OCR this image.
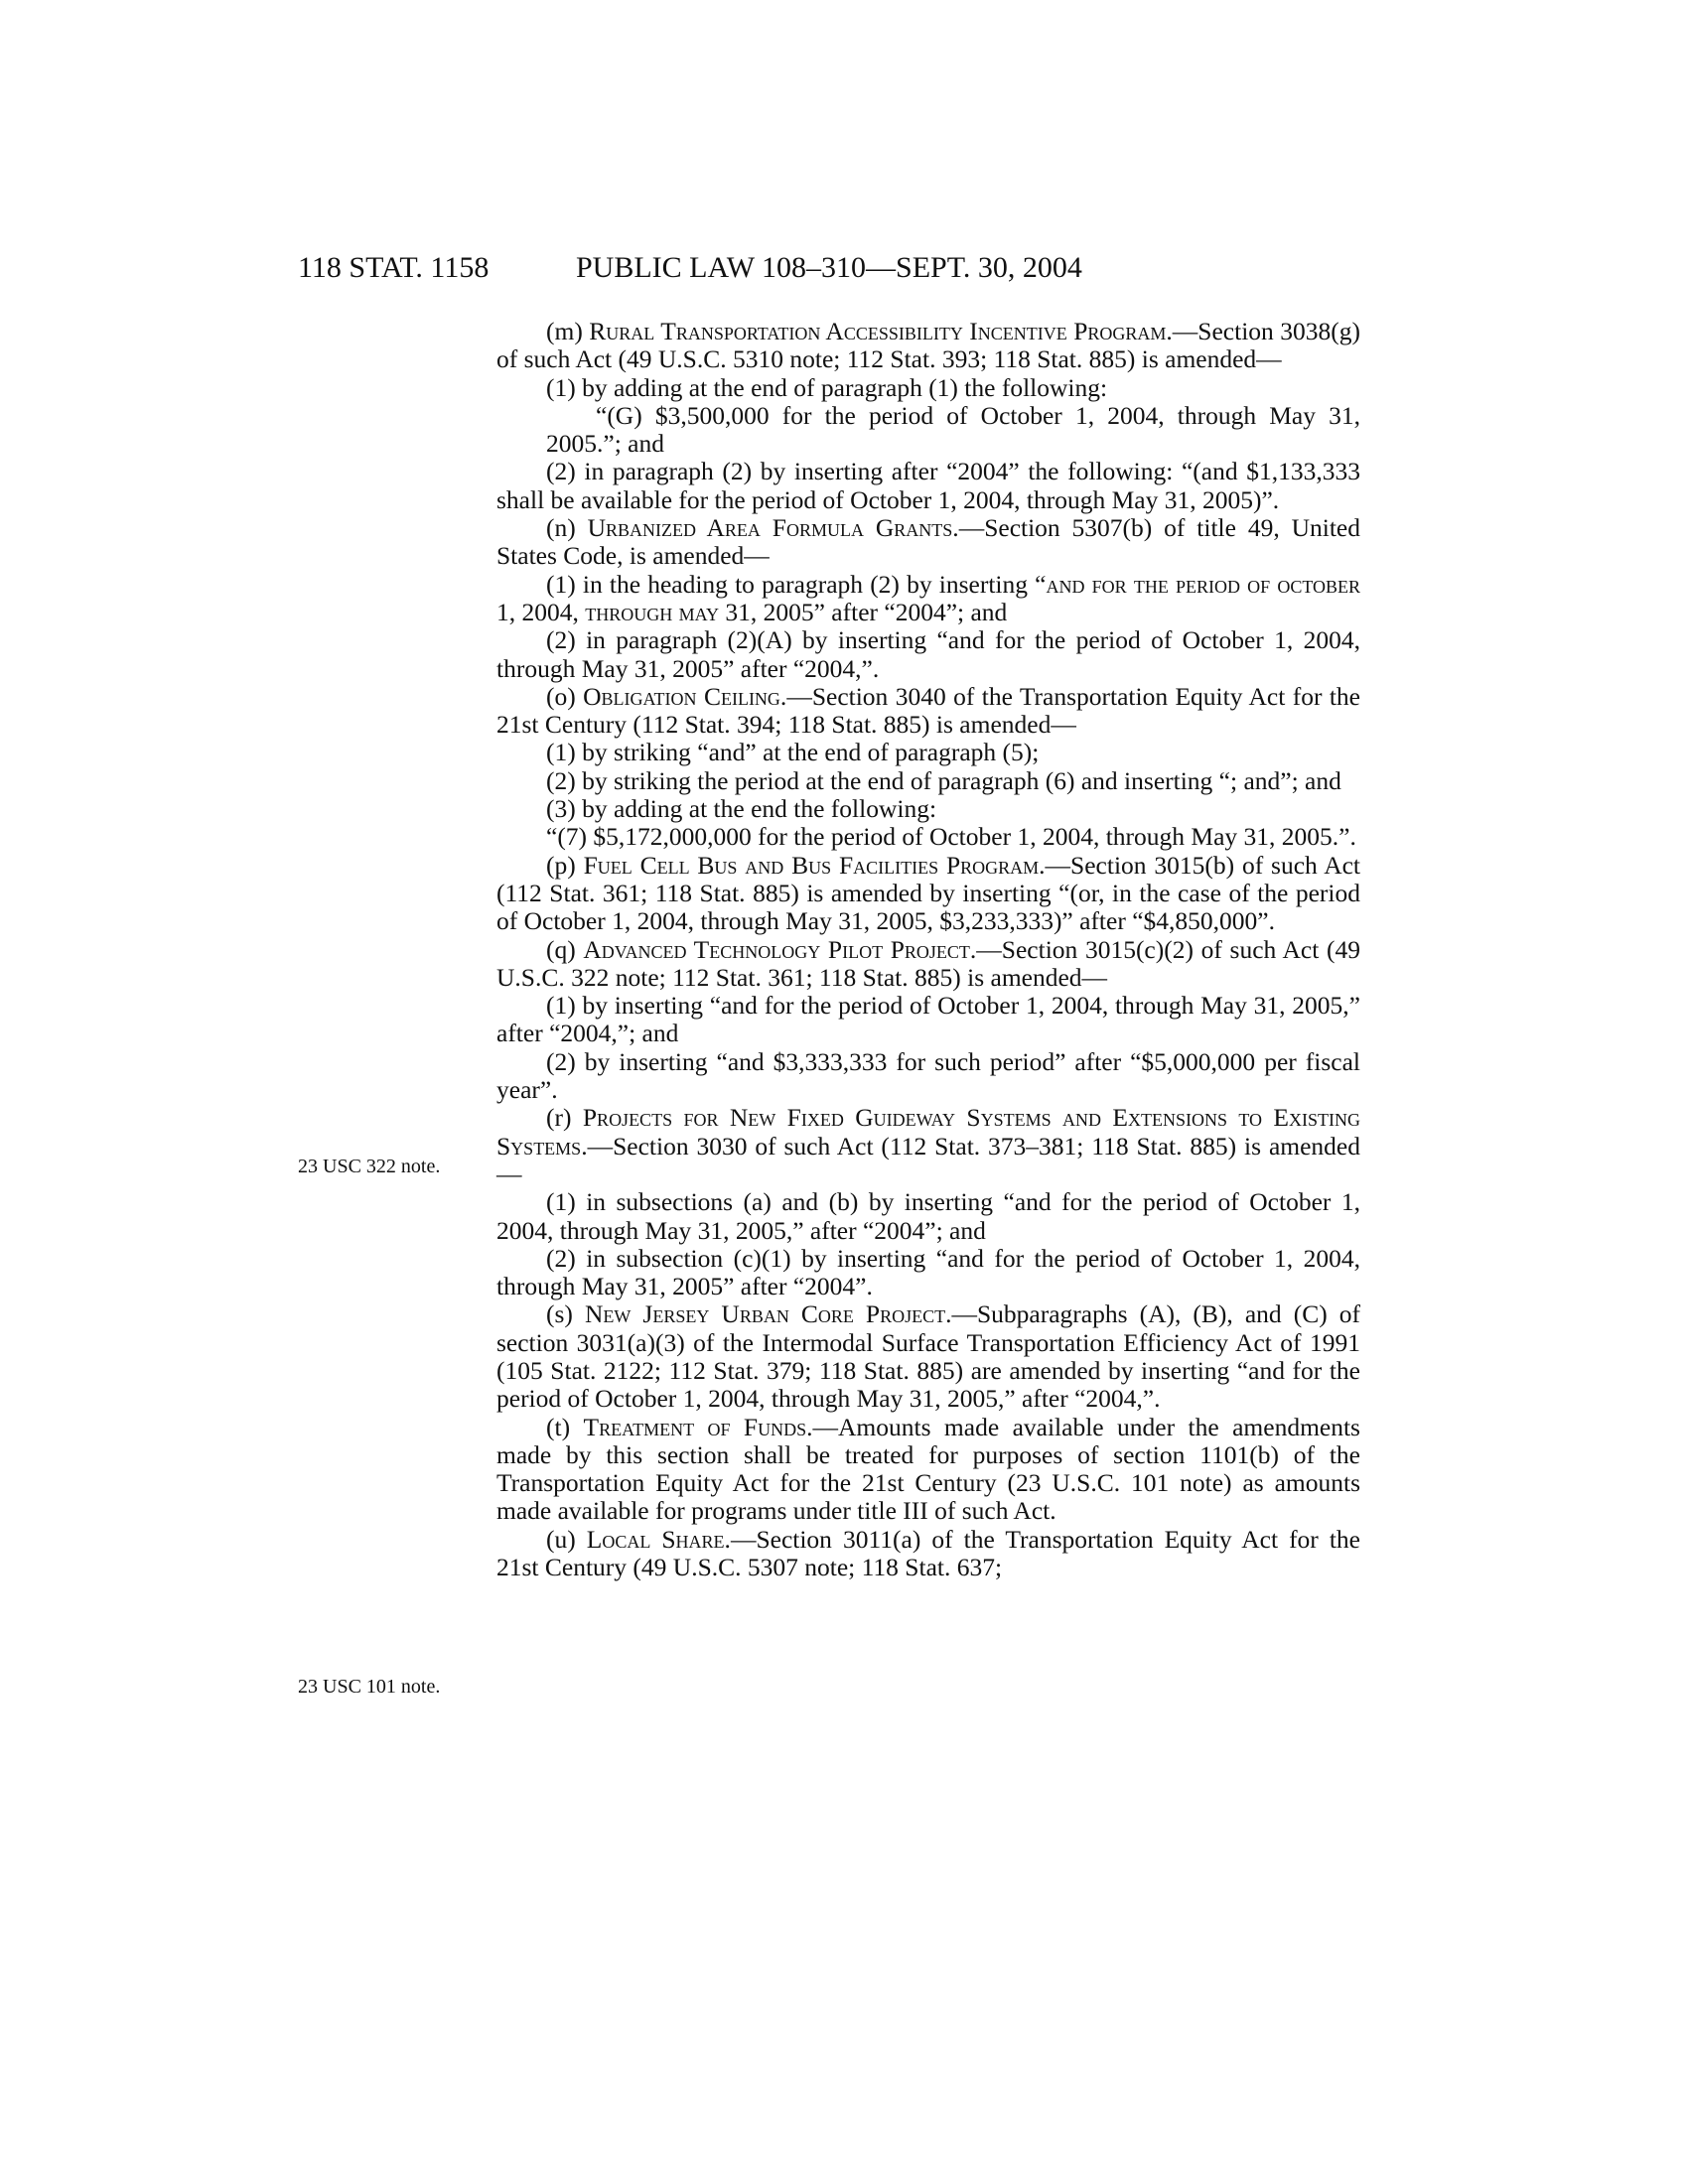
118 STAT. 1158	PUBLIC LAW 108–310—SEPT. 30, 2004
23 USC 322 note.
23 USC 101 note.

(m) Rural Transportation Accessibility Incentive Program.—Section 3038(g) of such Act (49 U.S.C. 5310 note; 112 Stat. 393; 118 Stat. 885) is amended—

(1) by adding at the end of paragraph (1) the following:

“(G) $3,500,000 for the period of October 1, 2004, through May 31, 2005.”; and

(2) in paragraph (2) by inserting after “2004” the following: “(and $1,133,333 shall be available for the period of October 1, 2004, through May 31, 2005)”.

(n) Urbanized Area Formula Grants.—Section 5307(b) of title 49, United States Code, is amended—

(1) in the heading to paragraph (2) by inserting “and for the period of october 1, 2004, through may 31, 2005” after “2004”; and

(2) in paragraph (2)(A) by inserting “and for the period of October 1, 2004, through May 31, 2005” after “2004,”.

(o) Obligation Ceiling.—Section 3040 of the Transportation Equity Act for the 21st Century (112 Stat. 394; 118 Stat. 885) is amended—

(1) by striking “and” at the end of paragraph (5);

(2) by striking the period at the end of paragraph (6) and inserting “; and”; and

(3) by adding at the end the following:

“(7) $5,172,000,000 for the period of October 1, 2004, through May 31, 2005.”.

(p) Fuel Cell Bus and Bus Facilities Program.—Section 3015(b) of such Act (112 Stat. 361; 118 Stat. 885) is amended by inserting “(or, in the case of the period of October 1, 2004, through May 31, 2005, $3,233,333)” after “$4,850,000”.

(q) Advanced Technology Pilot Project.—Section 3015(c)(2) of such Act (49 U.S.C. 322 note; 112 Stat. 361; 118 Stat. 885) is amended—

(1) by inserting “and for the period of October 1, 2004, through May 31, 2005,” after “2004,”; and

(2) by inserting “and $3,333,333 for such period” after “$5,000,000 per fiscal year”.

(r) Projects for New Fixed Guideway Systems and Extensions to Existing Systems.—Section 3030 of such Act (112 Stat. 373–381; 118 Stat. 885) is amended—

(1) in subsections (a) and (b) by inserting “and for the period of October 1, 2004, through May 31, 2005,” after “2004”; and

(2) in subsection (c)(1) by inserting “and for the period of October 1, 2004, through May 31, 2005” after “2004”.

(s) New Jersey Urban Core Project.—Subparagraphs (A), (B), and (C) of section 3031(a)(3) of the Intermodal Surface Transportation Efficiency Act of 1991 (105 Stat. 2122; 112 Stat. 379; 118 Stat. 885) are amended by inserting “and for the period of October 1, 2004, through May 31, 2005,” after “2004,”.

(t) Treatment of Funds.—Amounts made available under the amendments made by this section shall be treated for purposes of section 1101(b) of the Transportation Equity Act for the 21st Century (23 U.S.C. 101 note) as amounts made available for programs under title III of such Act.

(u) Local Share.—Section 3011(a) of the Transportation Equity Act for the 21st Century (49 U.S.C. 5307 note; 118 Stat. 637;
